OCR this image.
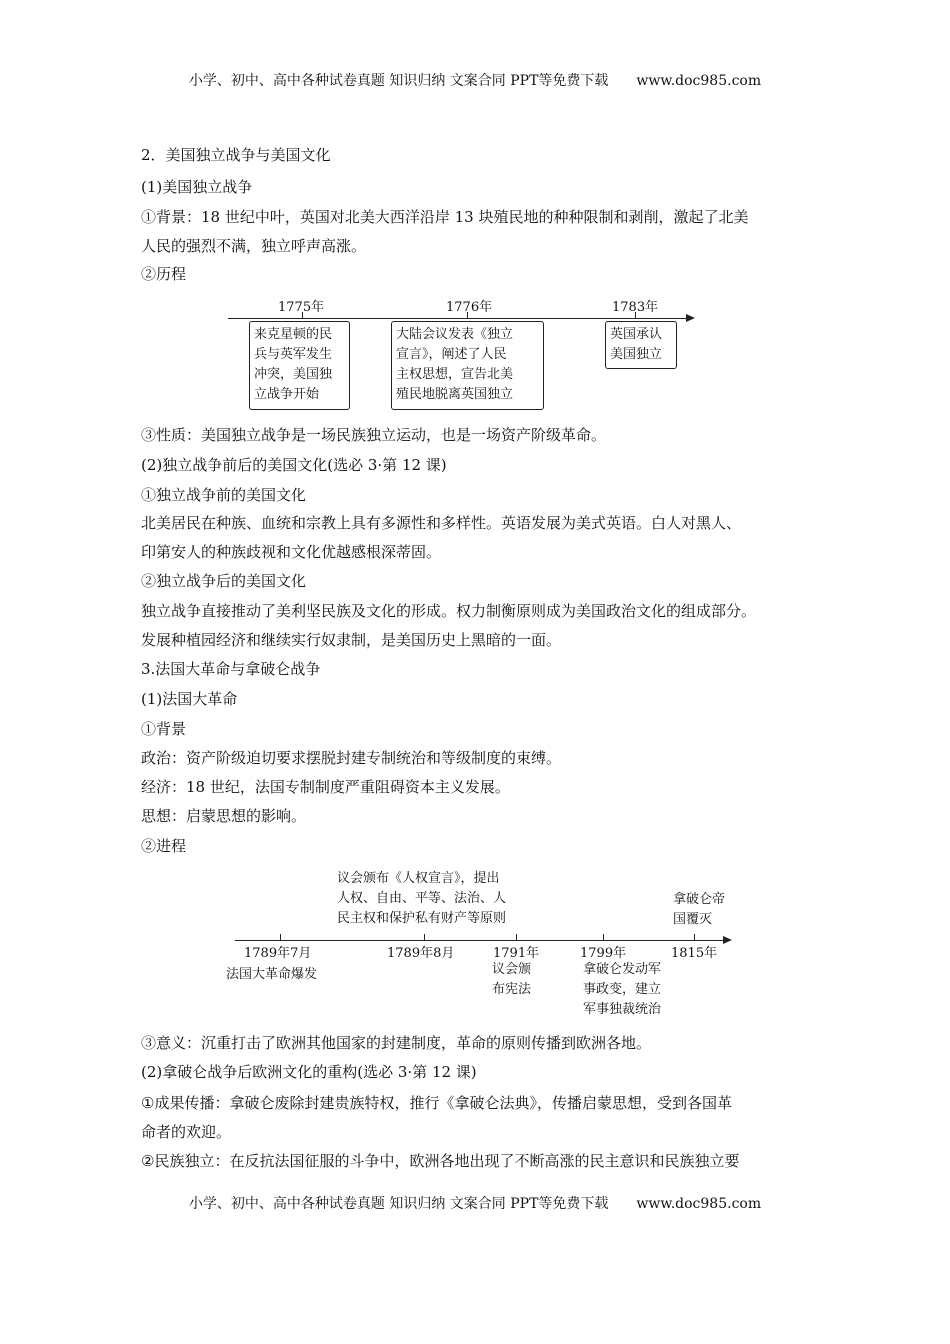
小学、初中、高中各种试卷真题 知识归纳 文案合同 PPT等免费下载 www.doc985.com
2．美国独立战争与美国文化
(1)美国独立战争
①背景：18 世纪中叶，英国对北美大西洋沿岸 13 块殖民地的种种限制和剥削，激起了北美
人民的强烈不满，独立呼声高涨。
②历程
1775年	1776年	1783年
来克星顿的民
兵与英军发生
冲突，美国独
立战争开始
大陆会议发表《独立
宣言》，阐述了人民
主权思想，宣告北美
殖民地脱离英国独立
英国承认
美国独立
③性质：美国独立战争是一场民族独立运动，也是一场资产阶级革命。
(2)独立战争前后的美国文化(选必 3·第 12 课)
①独立战争前的美国文化
北美居民在种族、血统和宗教上具有多源性和多样性。英语发展为美式英语。白人对黑人、
印第安人的种族歧视和文化优越感根深蒂固。
②独立战争后的美国文化
独立战争直接推动了美利坚民族及文化的形成。权力制衡原则成为美国政治文化的组成部分。
发展种植园经济和继续实行奴隶制，是美国历史上黑暗的一面。
3.法国大革命与拿破仑战争
(1)法国大革命
①背景
政治：资产阶级迫切要求摆脱封建专制统治和等级制度的束缚。
经济：18 世纪，法国专制制度严重阻碍资本主义发展。
思想：启蒙思想的影响。
②进程
议会颁布《人权宣言》，提出
人权、自由、平等、法治、人
民主权和保护私有财产等原则
拿破仑帝
国覆灭
1789年7月	1789年8月	1791年	1799年	1815年
法国大革命爆发	议会颁
布宪法
拿破仑发动军
事政变，建立
军事独裁统治
③意义：沉重打击了欧洲其他国家的封建制度，革命的原则传播到欧洲各地。
(2)拿破仑战争后欧洲文化的重构(选必 3·第 12 课)
①成果传播：拿破仑废除封建贵族特权，推行《拿破仑法典》，传播启蒙思想，受到各国革
命者的欢迎。
②民族独立：在反抗法国征服的斗争中，欧洲各地出现了不断高涨的民主意识和民族独立要
小学、初中、高中各种试卷真题 知识归纳 文案合同 PPT等免费下载 www.doc985.com
